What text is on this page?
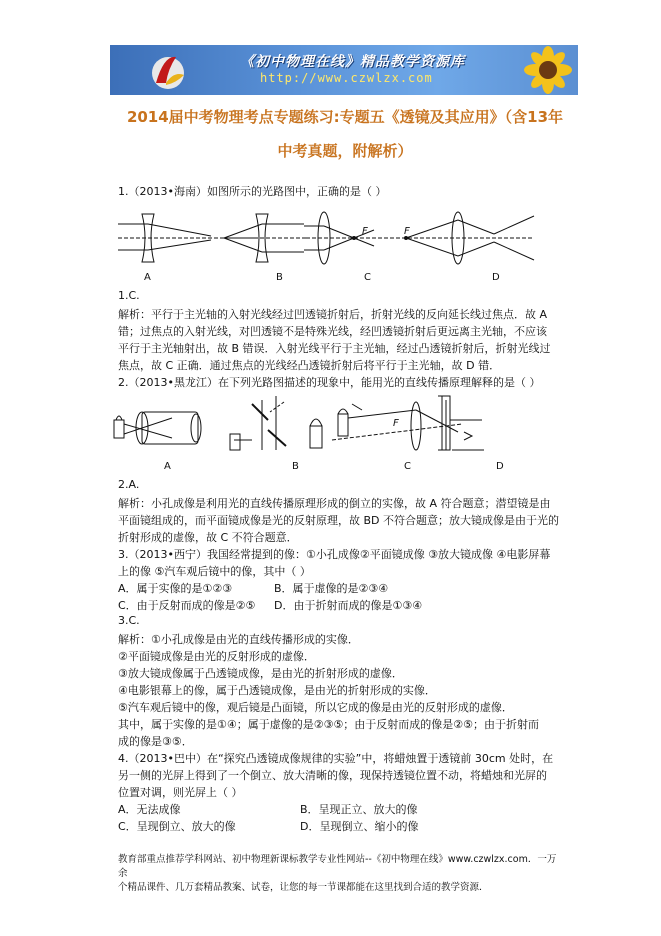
《初中物理在线》精品教学资源库
http://www.czwlzx.com
2014届中考物理考点专题练习:专题五《透镜及其应用》（含13年
中考真题，附解析）
1.（2013•海南）如图所示的光路图中，正确的是（ ）
F	F
A	B	C	D
1.C.
解析：平行于主光轴的入射光线经过凹透镜折射后，折射光线的反向延长线过焦点．故 A
错；过焦点的入射光线，对凹透镜不是特殊光线，经凹透镜折射后更远离主光轴，不应该
平行于主光轴射出，故 B 错误．入射光线平行于主光轴，经过凸透镜折射后，折射光线过
焦点，故 C 正确．通过焦点的光线经凸透镜折射后将平行于主光轴，故 D 错．
2.（2013•黑龙江）在下列光路图描述的现象中，能用光的直线传播原理解释的是（ ）
F
A	B	C	D
2.A.
解析：小孔成像是利用光的直线传播原理形成的倒立的实像，故 A 符合题意；潜望镜是由
平面镜组成的，而平面镜成像是光的反射原理，故 BD 不符合题意；放大镜成像是由于光的
折射形成的虚像，故 C 不符合题意．
3.（2013•西宁）我国经常提到的像：①小孔成像②平面镜成像 ③放大镜成像 ④电影屏幕
上的像 ⑤汽车观后镜中的像，其中（ ）
A．属于实像的是①②③	B．属于虚像的是②③④
C．由于反射而成的像是②⑤ D．由于折射而成的像是①③④
3.C.
解析：①小孔成像是由光的直线传播形成的实像．
②平面镜成像是由光的反射形成的虚像．
③放大镜成像属于凸透镜成像，是由光的折射形成的虚像．
④电影银幕上的像，属于凸透镜成像，是由光的折射形成的实像．
⑤汽车观后镜中的像，观后镜是凸面镜，所以它成的像是由光的反射形成的虚像．
其中，属于实像的是①④；属于虚像的是②③⑤；由于反射而成的像是②⑤；由于折射而
成的像是③⑤．
4.（2013•巴中）在“探究凸透镜成像规律的实验”中，将蜡烛置于透镜前 30cm 处时，在
另一侧的光屏上得到了一个倒立、放大清晰的像，现保持透镜位置不动，将蜡烛和光屏的
位置对调，则光屏上（ ）
A．无法成像	B．呈现正立、放大的像
C．呈现倒立、放大的像	D．呈现倒立、缩小的像
教育部重点推荐学科网站、初中物理新课标教学专业性网站--《初中物理在线》www.czwlzx.com．一万余
个精品课件、几万套精品教案、试卷，让您的每一节课都能在这里找到合适的教学资源．
